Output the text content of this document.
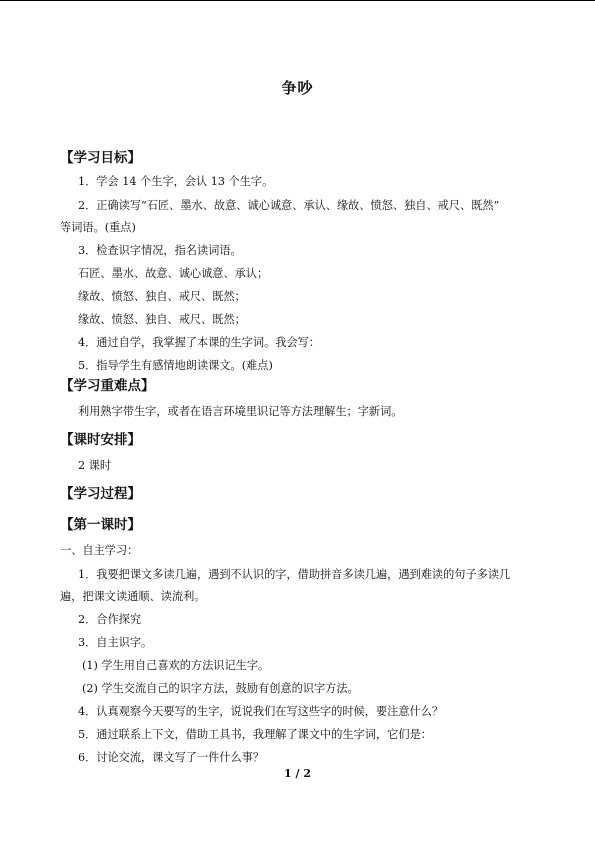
争吵
【学习目标】
1．学会 14 个生字，会认 13 个生字。
2．正确读写“石匠、墨水、故意、诚心诚意、承认、缘故、愤怒、独自、戒尺、既然”
等词语。(重点)
3．检查识字情况，指名读词语。
石匠、墨水、故意、诚心诚意、承认；
缘故、愤怒、独自、戒尺、既然；
缘故、愤怒、独自、戒尺、既然；
4．通过自学，我掌握了本课的生字词。我会写：
5．指导学生有感情地朗读课文。(难点)
【学习重难点】
利用熟字带生字，或者在语言环境里识记等方法理解生；字新词。
【课时安排】
2 课时
【学习过程】
【第一课时】
一、自主学习：
1．我要把课文多读几遍，遇到不认识的字，借助拼音多读几遍，遇到难读的句子多读几
遍，把课文读通顺、读流利。
2．合作探究
3．自主识字。
(1) 学生用自己喜欢的方法识记生字。
(2) 学生交流自己的识字方法，鼓励有创意的识字方法。
4．认真观察今天要写的生字，说说我们在写这些字的时候，要注意什么？
5．通过联系上下文，借助工具书，我理解了课文中的生字词，它们是：
6．讨论交流，课文写了一件什么事？
1 / 2
